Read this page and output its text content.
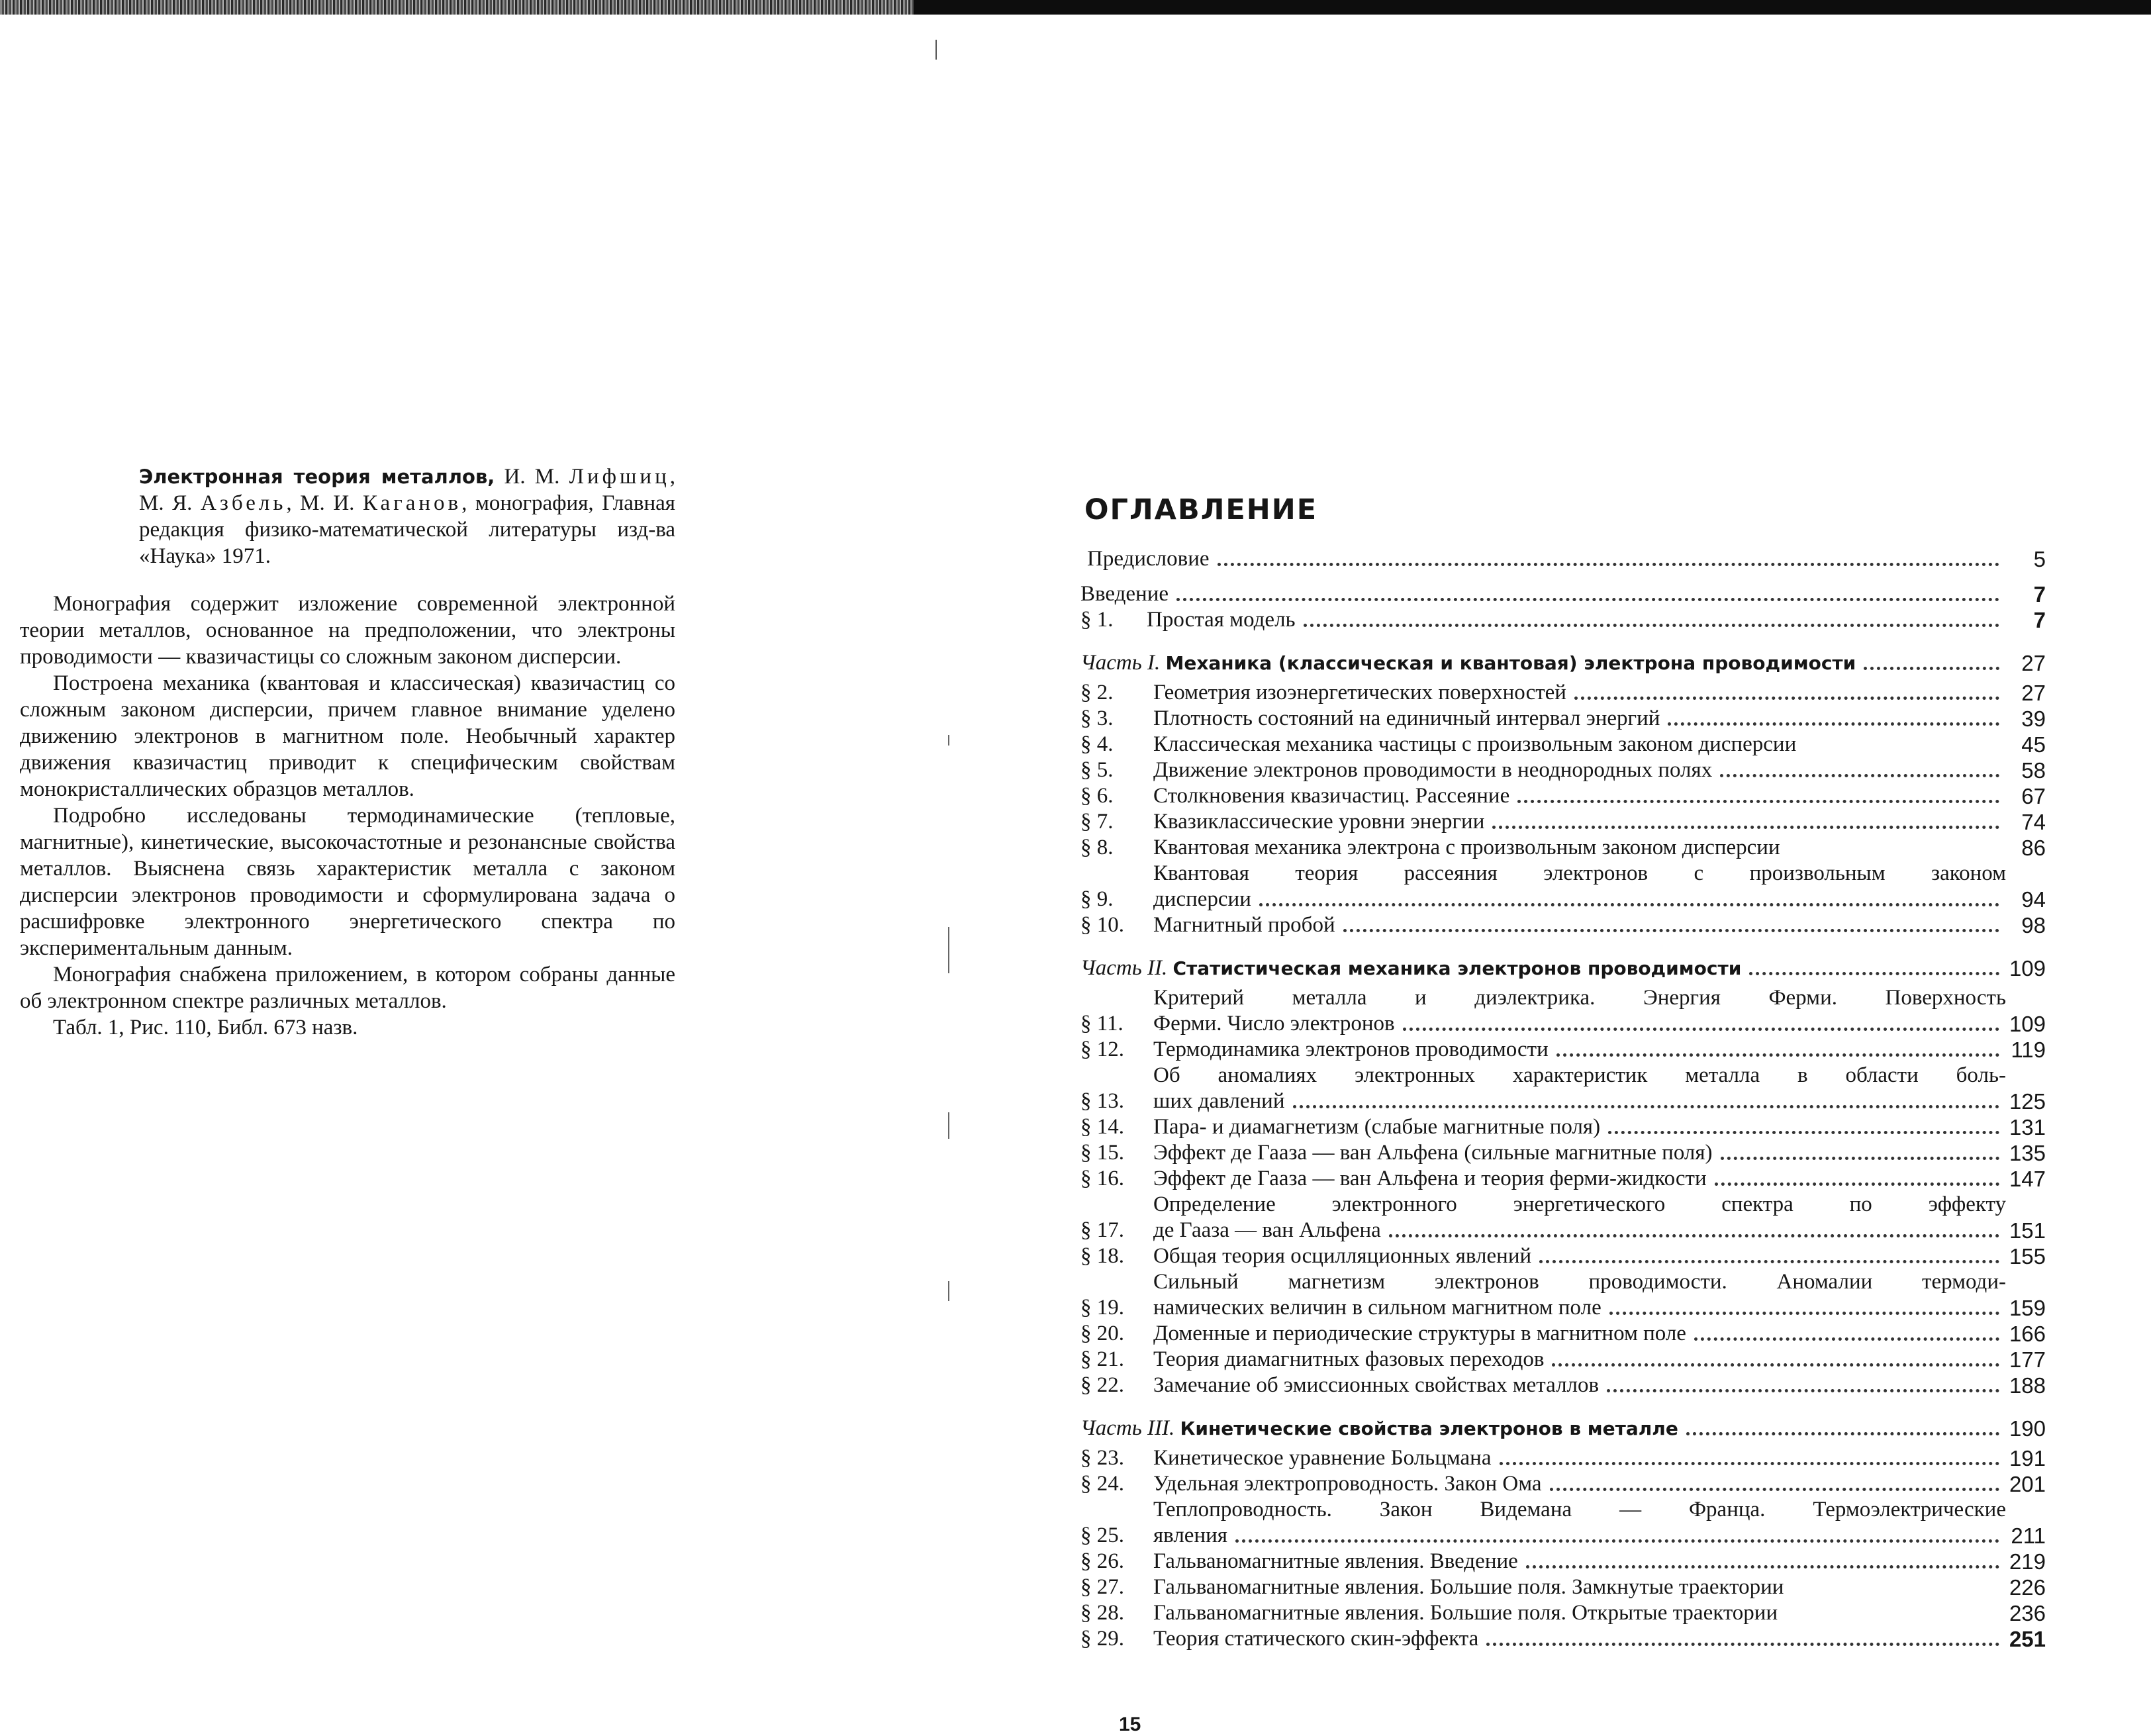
Электронная теория металлов, И. М. Лифшиц, М. Я. Азбель, М. И. Каганов, монография, Главная редакция физико-математической литературы изд-ва «Наука» 1971.

Монография содержит изложение современной электронной теории металлов, основанное на предположении, что электроны проводимости — квазичастицы со сложным законом дисперсии.

Построена механика (квантовая и классическая) квазичастиц со сложным законом дисперсии, причем главное внимание уделено движению электронов в магнитном поле. Необычный характер движения квазичастиц приводит к специфическим свойствам монокристаллических образцов металлов.

Подробно исследованы термодинамические (тепловые, магнитные), кинетические, высокочастотные и резонансные свойства металлов. Выяснена связь характеристик металла с законом дисперсии электронов проводимости и сформулирована задача о расшифровке электронного энергетического спектра по экспериментальным данным.

Монография снабжена приложением, в котором собраны данные об электронном спектре различных металлов.

Табл. 1, Рис. 110, Библ. 673 назв.

ОГЛАВЛЕНИЕ
Предисловие	5
Введение	7
§ 1.	Простая модель	7
Часть I. Механика (классическая и квантовая) электрона проводимости	27
§ 2.	Геометрия изоэнергетических поверхностей	27
§ 3.	Плотность состояний на единичный интервал энергий	39
§ 4.	Классическая механика частицы с произвольным законом дисперсии	45
§ 5.	Движение электронов проводимости в неоднородных полях	58
§ 6.	Столкновения квазичастиц. Рассеяние	67
§ 7.	Квазиклассические уровни энергии	74
§ 8.	Квантовая механика электрона с произвольным законом дисперсии	86
§ 9.
Квантовая теория рассеяния электронов с произвольным законом
дисперсии	94
§ 10.	Магнитный пробой	98
Часть II. Статистическая механика электронов проводимости	109
§ 11.
Критерий металла и диэлектрика. Энергия Ферми. Поверхность
Ферми. Число электронов	109
§ 12.	Термодинамика электронов проводимости	119
§ 13.
Об аномалиях электронных характеристик металла в области боль-
ших давлений	125
§ 14.	Пара- и диамагнетизм (слабые магнитные поля)	131
§ 15.	Эффект де Гааза — ван Альфена (сильные магнитные поля)	135
§ 16.	Эффект де Гааза — ван Альфена и теория ферми-жидкости	147
§ 17.
Определение электронного энергетического спектра по эффекту
де Гааза — ван Альфена	151
§ 18.	Общая теория осцилляционных явлений	155
§ 19.
Сильный магнетизм электронов проводимости. Аномалии термоди-
намических величин в сильном магнитном поле	159
§ 20.	Доменные и периодические структуры в магнитном поле	166
§ 21.	Теория диамагнитных фазовых переходов	177
§ 22.	Замечание об эмиссионных свойствах металлов	188
Часть III. Кинетические свойства электронов в металле	190
§ 23.	Кинетическое уравнение Больцмана	191
§ 24.	Удельная электропроводность. Закон Ома	201
§ 25.
Теплопроводность. Закон Видемана — Франца. Термоэлектрические
явления	211
§ 26.	Гальваномагнитные явления. Введение	219
§ 27.	Гальваномагнитные явления. Большие поля. Замкнутые траектории	226
§ 28.	Гальваномагнитные явления. Большие поля. Открытые траектории	236
§ 29.	Теория статического скин-эффекта	251
15
